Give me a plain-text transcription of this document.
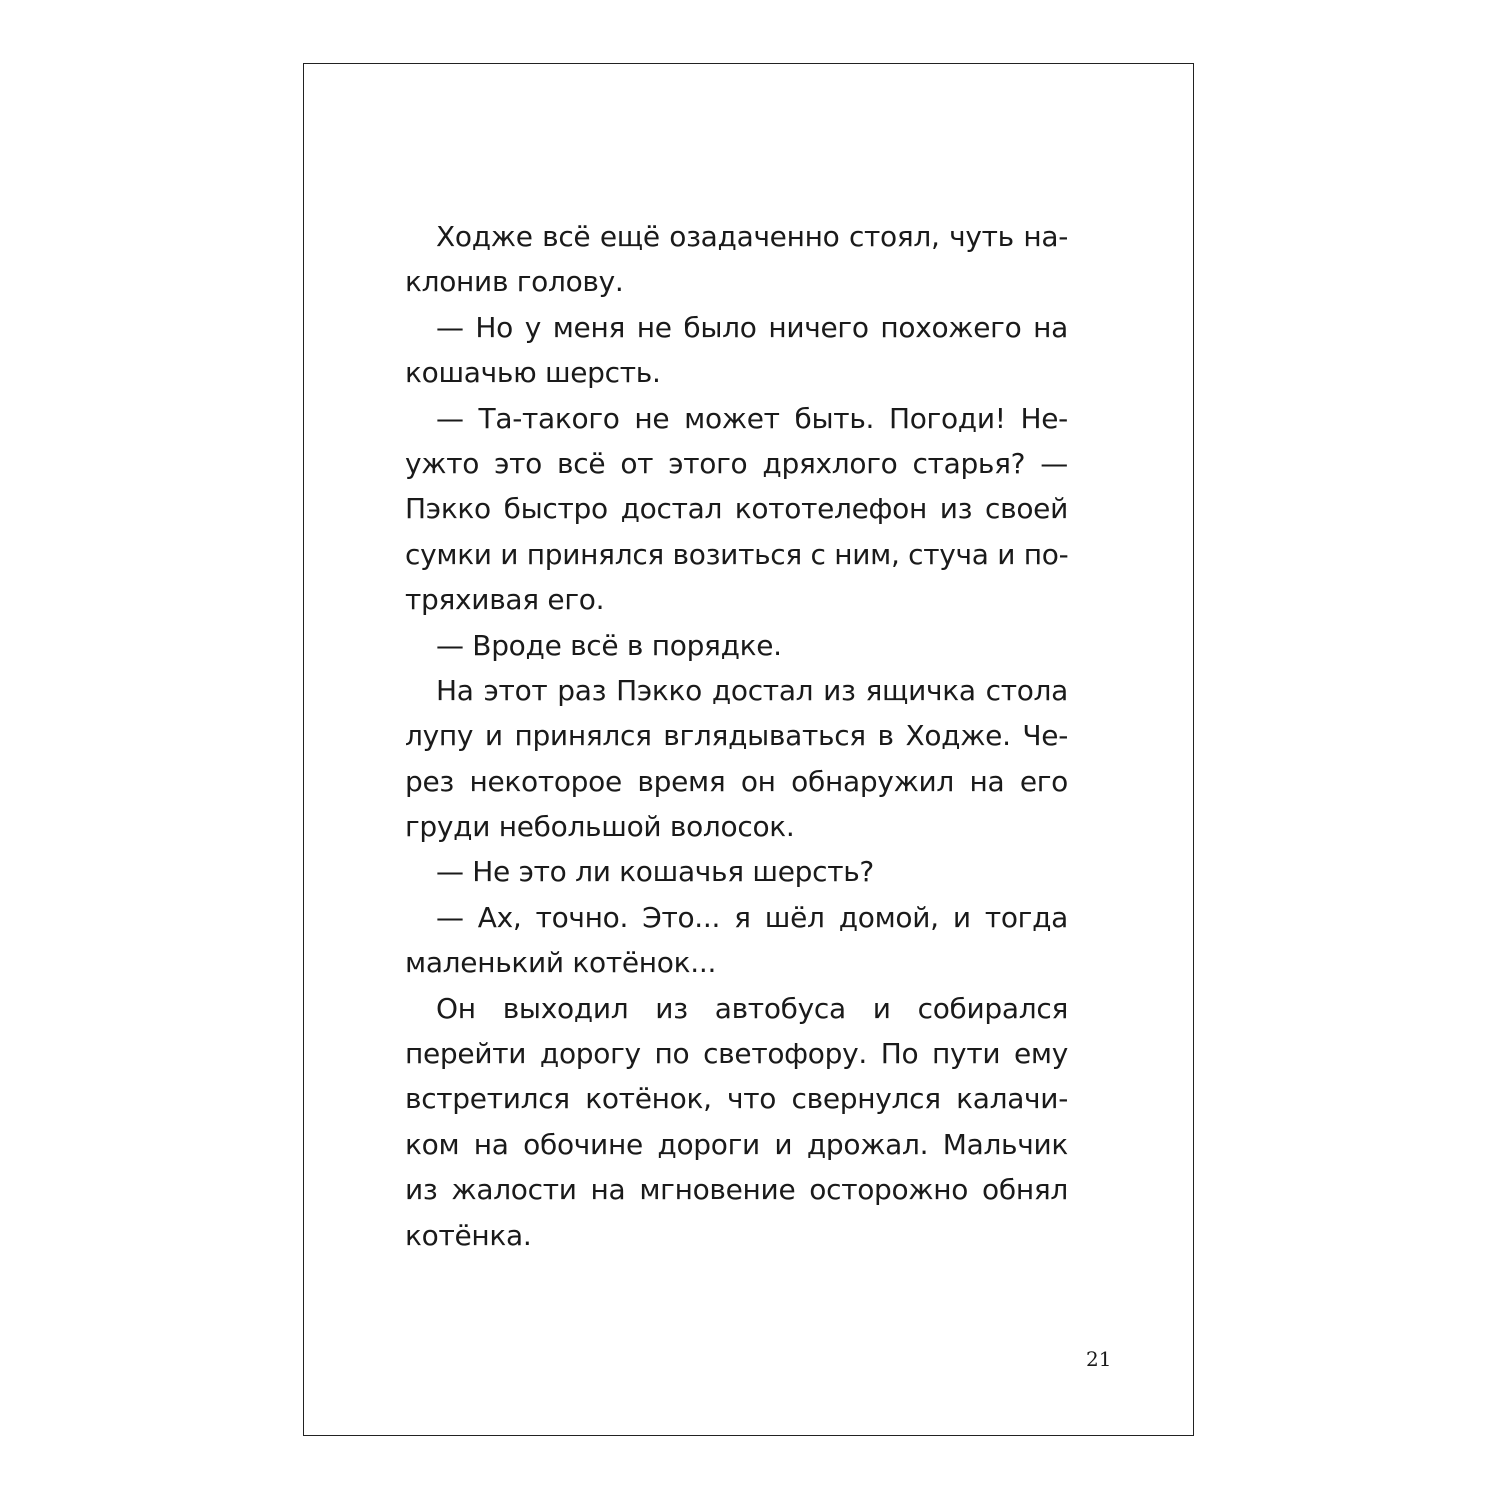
Ходже всё ещё озадаченно стоял, чуть на-
клонив голову.
— Но у меня не было ничего похожего на
кошачью шерсть.
— Та-такого не может быть. Погоди! Не-
ужто это всё от этого дряхлого старья? —
Пэкко быстро достал кототелефон из своей
сумки и принялся возиться с ним, стуча и по-
тряхивая его.
— Вроде всё в порядке.
На этот раз Пэкко достал из ящичка стола
лупу и принялся вглядываться в Ходже. Че-
рез некоторое время он обнаружил на его
груди небольшой волосок.
— Не это ли кошачья шерсть?
— Ах, точно. Это... я шёл домой, и тогда
маленький котёнок...
Он выходил из автобуса и собирался
перейти дорогу по светофору. По пути ему
встретился котёнок, что свернулся калачи-
ком на обочине дороги и дрожал. Мальчик
из жалости на мгновение осторожно обнял
котёнка.
21
